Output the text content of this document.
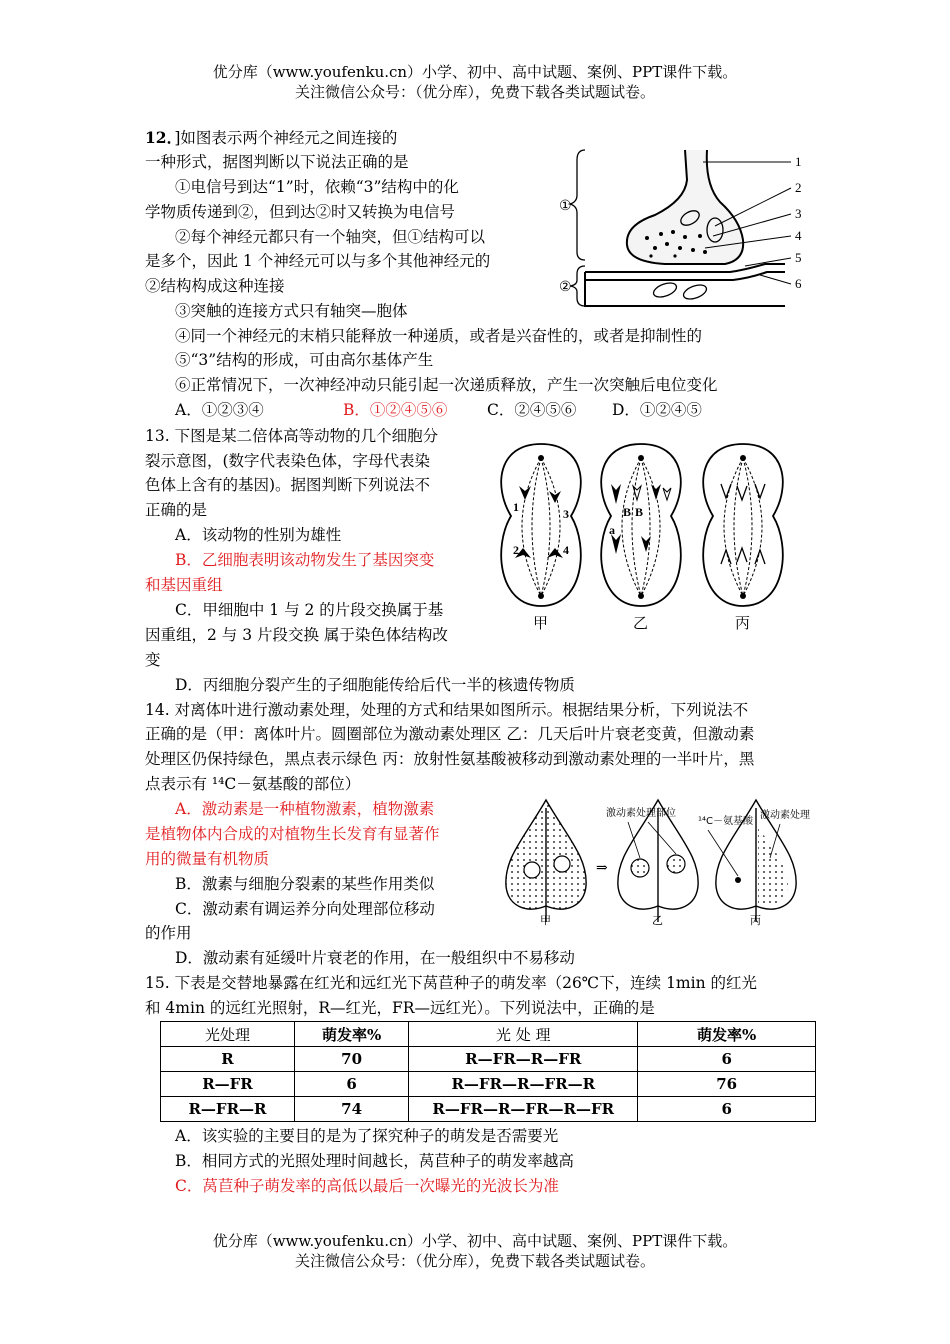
优分库（www.youfenku.cn）小学、初中、高中试题、案例、PPT课件下载。
关注微信公众号：（优分库），免费下载各类试题试卷。
12．]如图表示两个神经元之间连接的
一种形式，据图判断以下说法正确的是
①电信号到达“1”时，依赖“3”结构中的化
学物质传递到②，但到达②时又转换为电信号
②每个神经元都只有一个轴突，但①结构可以
是多个，因此 1 个神经元可以与多个其他神经元的
②结构构成这种连接
③突触的连接方式只有轴突—胞体
④同一个神经元的末梢只能释放一种递质，或者是兴奋性的，或者是抑制性的
⑤“3”结构的形成，可由高尔基体产生
⑥正常情况下，一次神经冲动只能引起一次递质释放，产生一次突触后电位变化
A．①②③④	B．①②④⑤⑥	C．②④⑤⑥ D．①②④⑤
①
②
1
2
3
4
5
6
13. 下图是某二倍体高等动物的几个细胞分
裂示意图，(数字代表染色体，字母代表染
色体上含有的基因)。据图判断下列说法不
正确的是
A．该动物的性别为雄性
B．乙细胞表明该动物发生了基因突变
和基因重组
C．甲细胞中 1 与 2 的片段交换属于基
因重组，2 与 3 片段交换 属于染色体结构改
变
D．丙细胞分裂产生的子细胞能传给后代一半的核遗传物质
1
2
3
4
B B
a
甲	乙	丙
14. 对离体叶进行激动素处理，处理的方式和结果如图所示。根据结果分析，下列说法不
正确的是（甲：离体叶片。圆圈部位为激动素处理区 乙：几天后叶片衰老变黄，但激动素
处理区仍保持绿色，黑点表示绿色 丙：放射性氨基酸被移动到激动素处理的一半叶片，黑
点表示有 ¹⁴C－氨基酸的部位）
A．激动素是一种植物激素，植物激素
是植物体内合成的对植物生长发育有显著作
用的微量有机物质
B．激素与细胞分裂素的某些作用类似
C．激动素有调运养分向处理部位移动
的作用
D．激动素有延缓叶片衰老的作用，在一般组织中不易移动
⇒
激动素处理部位
¹⁴C－氨基酸
激动素处理
甲	乙	丙
15. 下表是交替地暴露在红光和远红光下莴苣种子的萌发率（26℃下，连续 1min 的红光
和 4min 的远红光照射，R—红光，FR—远红光）。下列说法中，正确的是
光处理	萌发率%	光 处 理	萌发率%
R	70	R—FR—R—FR	6
R—FR	6	R—FR—R—FR—R	76
R—FR—R	74	R—FR—R—FR—R—FR	6
A．该实验的主要目的是为了探究种子的萌发是否需要光
B．相同方式的光照处理时间越长，莴苣种子的萌发率越高
C．莴苣种子萌发率的高低以最后一次曝光的光波长为准
优分库（www.youfenku.cn）小学、初中、高中试题、案例、PPT课件下载。
关注微信公众号：（优分库），免费下载各类试题试卷。
